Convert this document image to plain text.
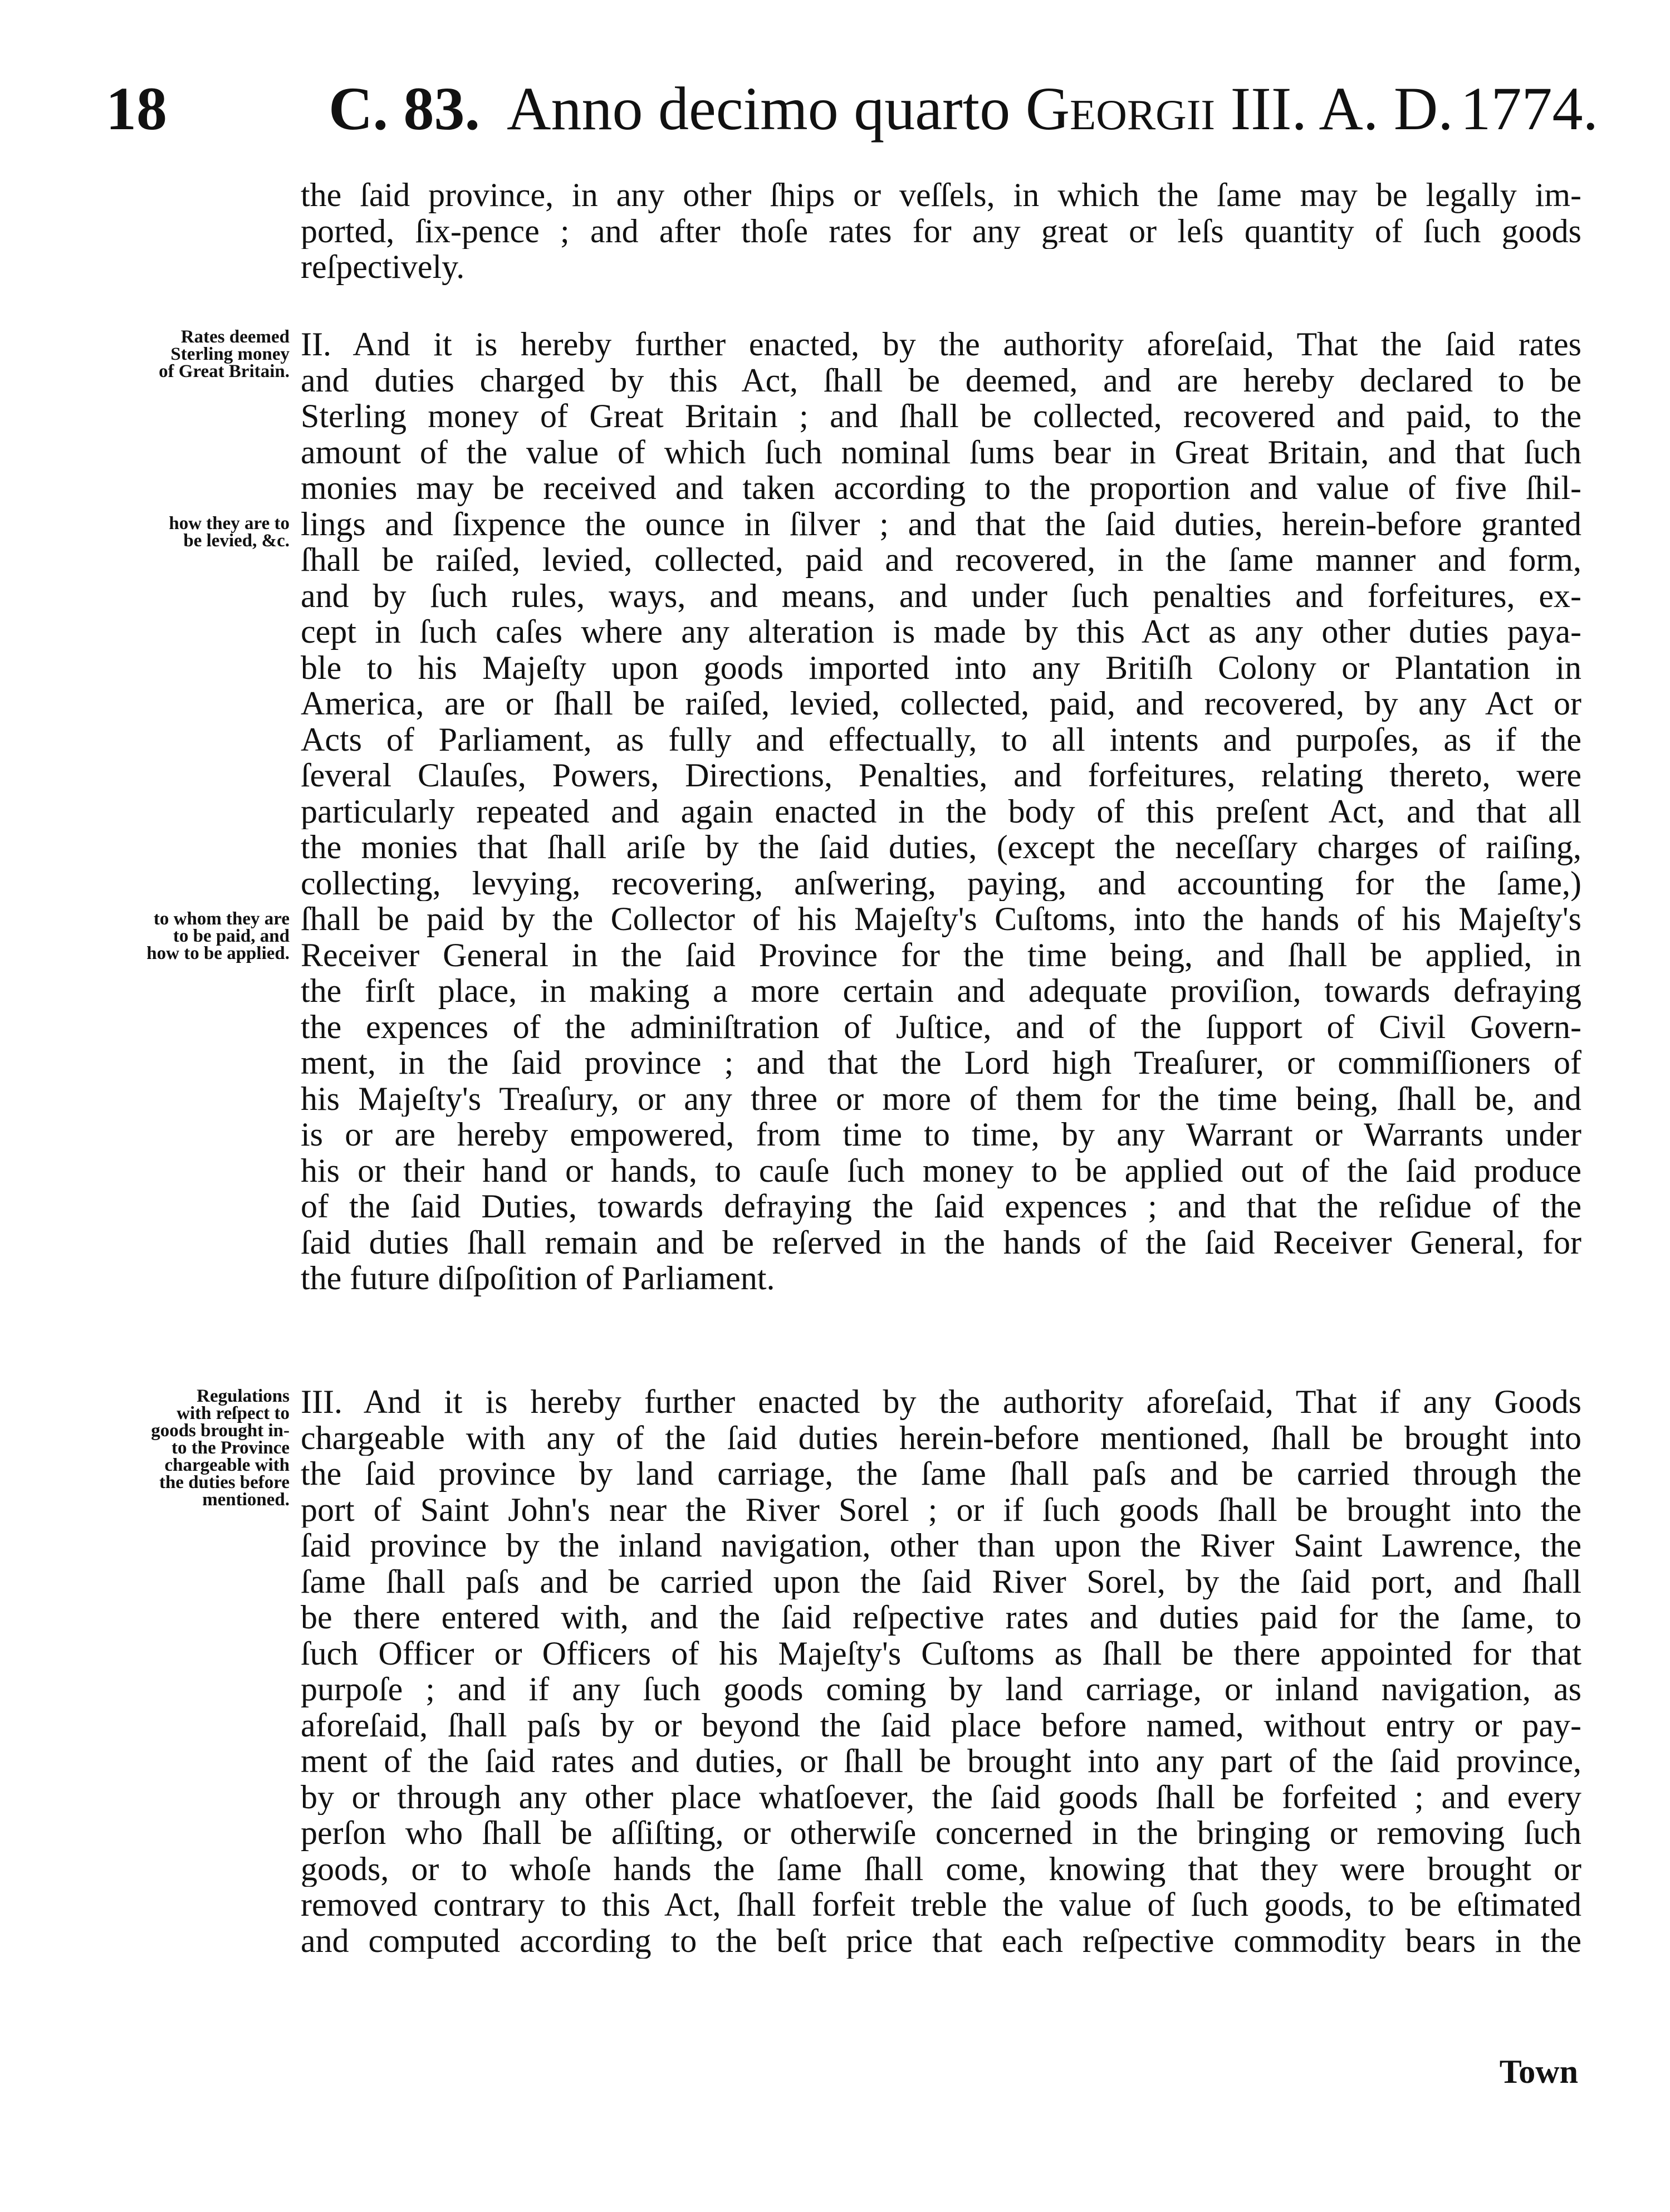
18	C. 83. Anno decimo quarto Georgii III. A. D. 1774.
the ſaid province, in any other ſhips or veſſels, in which the ſame may be legally im-
ported, ſix-pence ; and after thoſe rates for any great or leſs quantity of ſuch goods
reſpectively.
Rates deemed
Sterling money
of Great Britain.
how they are to
be levied, &c.
II. And it is hereby further enacted, by the authority aforeſaid, That the ſaid rates
and duties charged by this Act, ſhall be deemed, and are hereby declared to be
Sterling money of Great Britain ; and ſhall be collected, recovered and paid, to the
amount of the value of which ſuch nominal ſums bear in Great Britain, and that ſuch
monies may be received and taken according to the proportion and value of five ſhil-
lings and ſixpence the ounce in ſilver ; and that the ſaid duties, herein-before granted
ſhall be raiſed, levied, collected, paid and recovered, in the ſame manner and form,
and by ſuch rules, ways, and means, and under ſuch penalties and forfeitures, ex-
cept in ſuch caſes where any alteration is made by this Act as any other duties paya-
ble to his Majeſty upon goods imported into any Britiſh Colony or Plantation in
America, are or ſhall be raiſed, levied, collected, paid, and recovered, by any Act or
Acts of Parliament, as fully and effectually, to all intents and purpoſes, as if the
ſeveral Clauſes, Powers, Directions, Penalties, and forfeitures, relating thereto, were
particularly repeated and again enacted in the body of this preſent Act, and that all
the monies that ſhall ariſe by the ſaid duties, (except the neceſſary charges of raiſing,
collecting, levying, recovering, anſwering, paying, and accounting for the ſame,)
ſhall be paid by the Collector of his Majeſty's Cuſtoms, into the hands of his Majeſty's
Receiver General in the ſaid Province for the time being, and ſhall be applied, in
the firſt place, in making a more certain and adequate proviſion, towards defraying
the expences of the adminiſtration of Juſtice, and of the ſupport of Civil Govern-
ment, in the ſaid province ; and that the Lord high Treaſurer, or commiſſioners of
his Majeſty's Treaſury, or any three or more of them for the time being, ſhall be, and
is or are hereby empowered, from time to time, by any Warrant or Warrants under
his or their hand or hands, to cauſe ſuch money to be applied out of the ſaid produce
of the ſaid Duties, towards defraying the ſaid expences ; and that the reſidue of the
ſaid duties ſhall remain and be reſerved in the hands of the ſaid Receiver General, for
the future diſpoſition of Parliament.
to whom they are
to be paid, and
how to be applied.
Regulations
with reſpect to
goods brought in-
to the Province
chargeable with
the duties before
mentioned.
III. And it is hereby further enacted by the authority aforeſaid, That if any Goods
chargeable with any of the ſaid duties herein-before mentioned, ſhall be brought into
the ſaid province by land carriage, the ſame ſhall paſs and be carried through the
port of Saint John's near the River Sorel ; or if ſuch goods ſhall be brought into the
ſaid province by the inland navigation, other than upon the River Saint Lawrence, the
ſame ſhall paſs and be carried upon the ſaid River Sorel, by the ſaid port, and ſhall
be there entered with, and the ſaid reſpective rates and duties paid for the ſame, to
ſuch Officer or Officers of his Majeſty's Cuſtoms as ſhall be there appointed for that
purpoſe ; and if any ſuch goods coming by land carriage, or inland navigation, as
aforeſaid, ſhall paſs by or beyond the ſaid place before named, without entry or pay-
ment of the ſaid rates and duties, or ſhall be brought into any part of the ſaid province,
by or through any other place whatſoever, the ſaid goods ſhall be forfeited ; and every
perſon who ſhall be aſſiſting, or otherwiſe concerned in the bringing or removing ſuch
goods, or to whoſe hands the ſame ſhall come, knowing that they were brought or
removed contrary to this Act, ſhall forfeit treble the value of ſuch goods, to be eſtimated
and computed according to the beſt price that each reſpective commodity bears in the
Town
